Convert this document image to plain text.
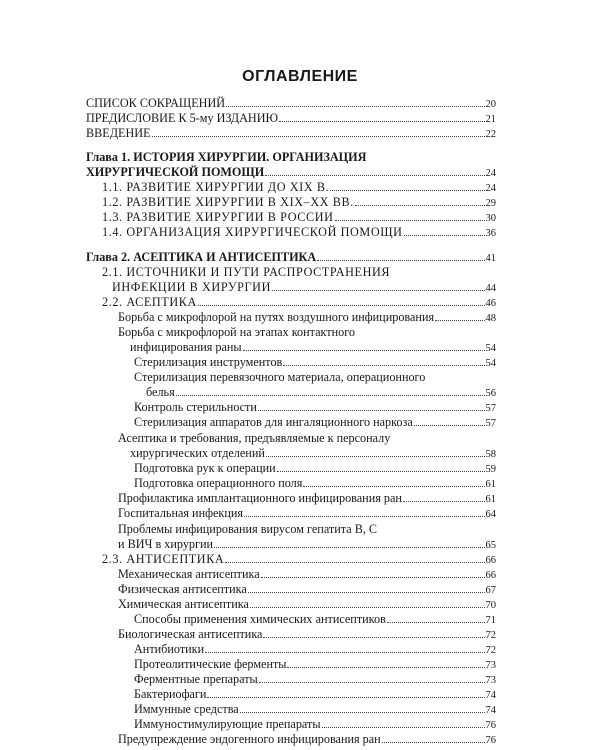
ОГЛАВЛЕНИЕ
СПИСОК СОКРАЩЕНИЙ	20
ПРЕДИСЛОВИЕ К 5-му ИЗДАНИЮ	21
ВВЕДЕНИЕ	22
Глава 1. ИСТОРИЯ ХИРУРГИИ. ОРГАНИЗАЦИЯ
ХИРУРГИЧЕСКОЙ ПОМОЩИ	24
1.1. РАЗВИТИЕ ХИРУРГИИ ДО XIX В.	24
1.2. РАЗВИТИЕ ХИРУРГИИ В XIX–XX ВВ.	29
1.3. РАЗВИТИЕ ХИРУРГИИ В РОССИИ	30
1.4. ОРГАНИЗАЦИЯ ХИРУРГИЧЕСКОЙ ПОМОЩИ	36
Глава 2. АСЕПТИКА И АНТИСЕПТИКА	41
2.1. ИСТОЧНИКИ И ПУТИ РАСПРОСТРАНЕНИЯ
ИНФЕКЦИИ В ХИРУРГИИ	44
2.2. АСЕПТИКА	46
Борьба с микрофлорой на путях воздушного инфицирования	48
Борьба с микрофлорой на этапах контактного
инфицирования раны	54
Стерилизация инструментов	54
Стерилизация перевязочного материала, операционного
белья	56
Контроль стерильности	57
Стерилизация аппаратов для ингаляционного наркоза	57
Асептика и требования, предъявляемые к персоналу
хирургических отделений	58
Подготовка рук к операции	59
Подготовка операционного поля	61
Профилактика имплантационного инфицирования ран	61
Госпитальная инфекция	64
Проблемы инфицирования вирусом гепатита В, С
и ВИЧ в хирургии	65
2.3. АНТИСЕПТИКА	66
Механическая антисептика	66
Физическая антисептика	67
Химическая антисептика	70
Способы применения химических антисептиков	71
Биологическая антисептика	72
Антибиотики	72
Протеолитические ферменты	73
Ферментные препараты	73
Бактериофаги	74
Иммунные средства	74
Иммуностимулирующие препараты	76
Предупреждение эндогенного инфицирования ран	76
